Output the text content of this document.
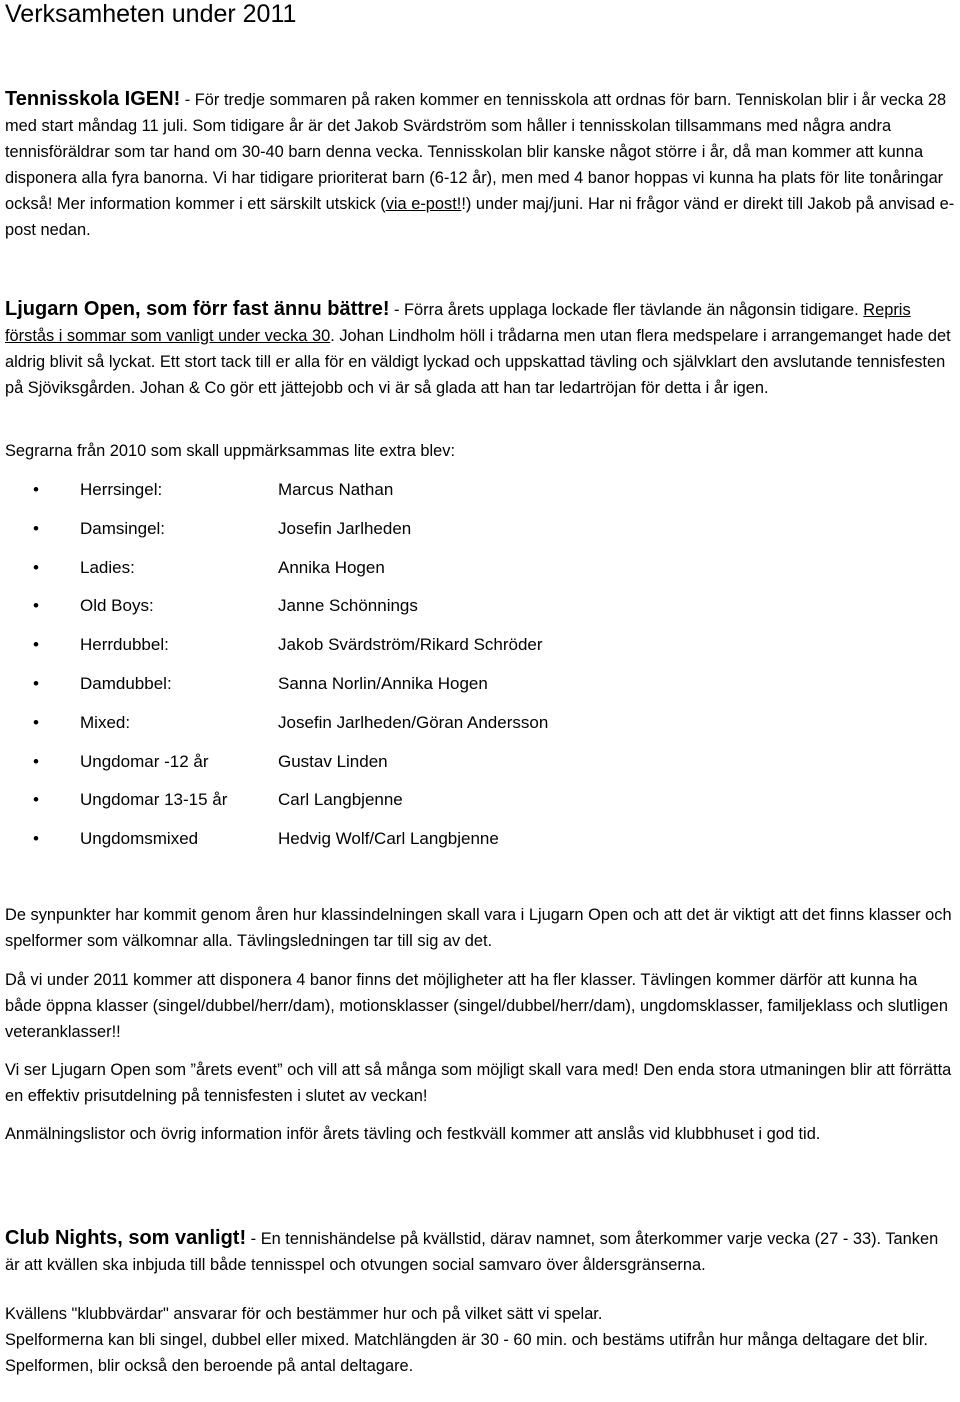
Verksamheten under 2011

Tennisskola IGEN! - För tredje sommaren på raken kommer en tennisskola att ordnas för barn. Tenniskolan blir i år vecka 28 med start måndag 11 juli. Som tidigare år är det Jakob Svärdström som håller i tennisskolan tillsammans med några andra tennisföräldrar som tar hand om 30-40 barn denna vecka. Tennisskolan blir kanske något större i år, då man kommer att kunna disponera alla fyra banorna. Vi har tidigare prioriterat barn (6-12 år), men med 4 banor hoppas vi kunna ha plats för lite tonåringar också! Mer information kommer i ett särskilt utskick (via e-post!!) under maj/juni. Har ni frågor vänd er direkt till Jakob på anvisad e-post nedan.

Ljugarn Open, som förr fast ännu bättre! - Förra årets upplaga lockade fler tävlande än någonsin tidigare. Repris förstås i sommar som vanligt under vecka 30. Johan Lindholm höll i trådarna men utan flera medspelare i arrangemanget hade det aldrig blivit så lyckat. Ett stort tack till er alla för en väldigt lyckad och uppskattad tävling och självklart den avslutande tennisfesten på Sjöviksgården. Johan & Co gör ett jättejobb och vi är så glada att han tar ledartröjan för detta i år igen.

Segrarna från 2010 som skall uppmärksammas lite extra blev:

• Herrsingel:	Marcus Nathan
• Damsingel:	Josefin Jarlheden
• Ladies:	Annika Hogen
• Old Boys:	Janne Schönnings
• Herrdubbel:	Jakob Svärdström/Rikard Schröder
• Damdubbel:	Sanna Norlin/Annika Hogen
• Mixed:	Josefin Jarlheden/Göran Andersson
• Ungdomar -12 år	Gustav Linden
• Ungdomar 13-15 år	Carl Langbjenne
• Ungdomsmixed	Hedvig Wolf/Carl Langbjenne

De synpunkter har kommit genom åren hur klassindelningen skall vara i Ljugarn Open och att det är viktigt att det finns klasser och spelformer som välkomnar alla. Tävlingsledningen tar till sig av det.

Då vi under 2011 kommer att disponera 4 banor finns det möjligheter att ha fler klasser. Tävlingen kommer därför att kunna ha både öppna klasser (singel/dubbel/herr/dam), motionsklasser (singel/dubbel/herr/dam), ungdomsklasser, familjeklass och slutligen veteranklasser!!

Vi ser Ljugarn Open som ”årets event” och vill att så många som möjligt skall vara med! Den enda stora utmaningen blir att förrätta en effektiv prisutdelning på tennisfesten i slutet av veckan!

Anmälningslistor och övrig information inför årets tävling och festkväll kommer att anslås vid klubbhuset i god tid.

Club Nights, som vanligt! - En tennishändelse på kvällstid, därav namnet, som återkommer varje vecka (27 - 33). Tanken är att kvällen ska inbjuda till både tennisspel och otvungen social samvaro över åldersgränserna.

Kvällens "klubbvärdar" ansvarar för och bestämmer hur och på vilket sätt vi spelar.

Spelformerna kan bli singel, dubbel eller mixed. Matchlängden är 30 - 60 min. och bestäms utifrån hur många deltagare det blir.

Spelformen, blir också den beroende på antal deltagare.
